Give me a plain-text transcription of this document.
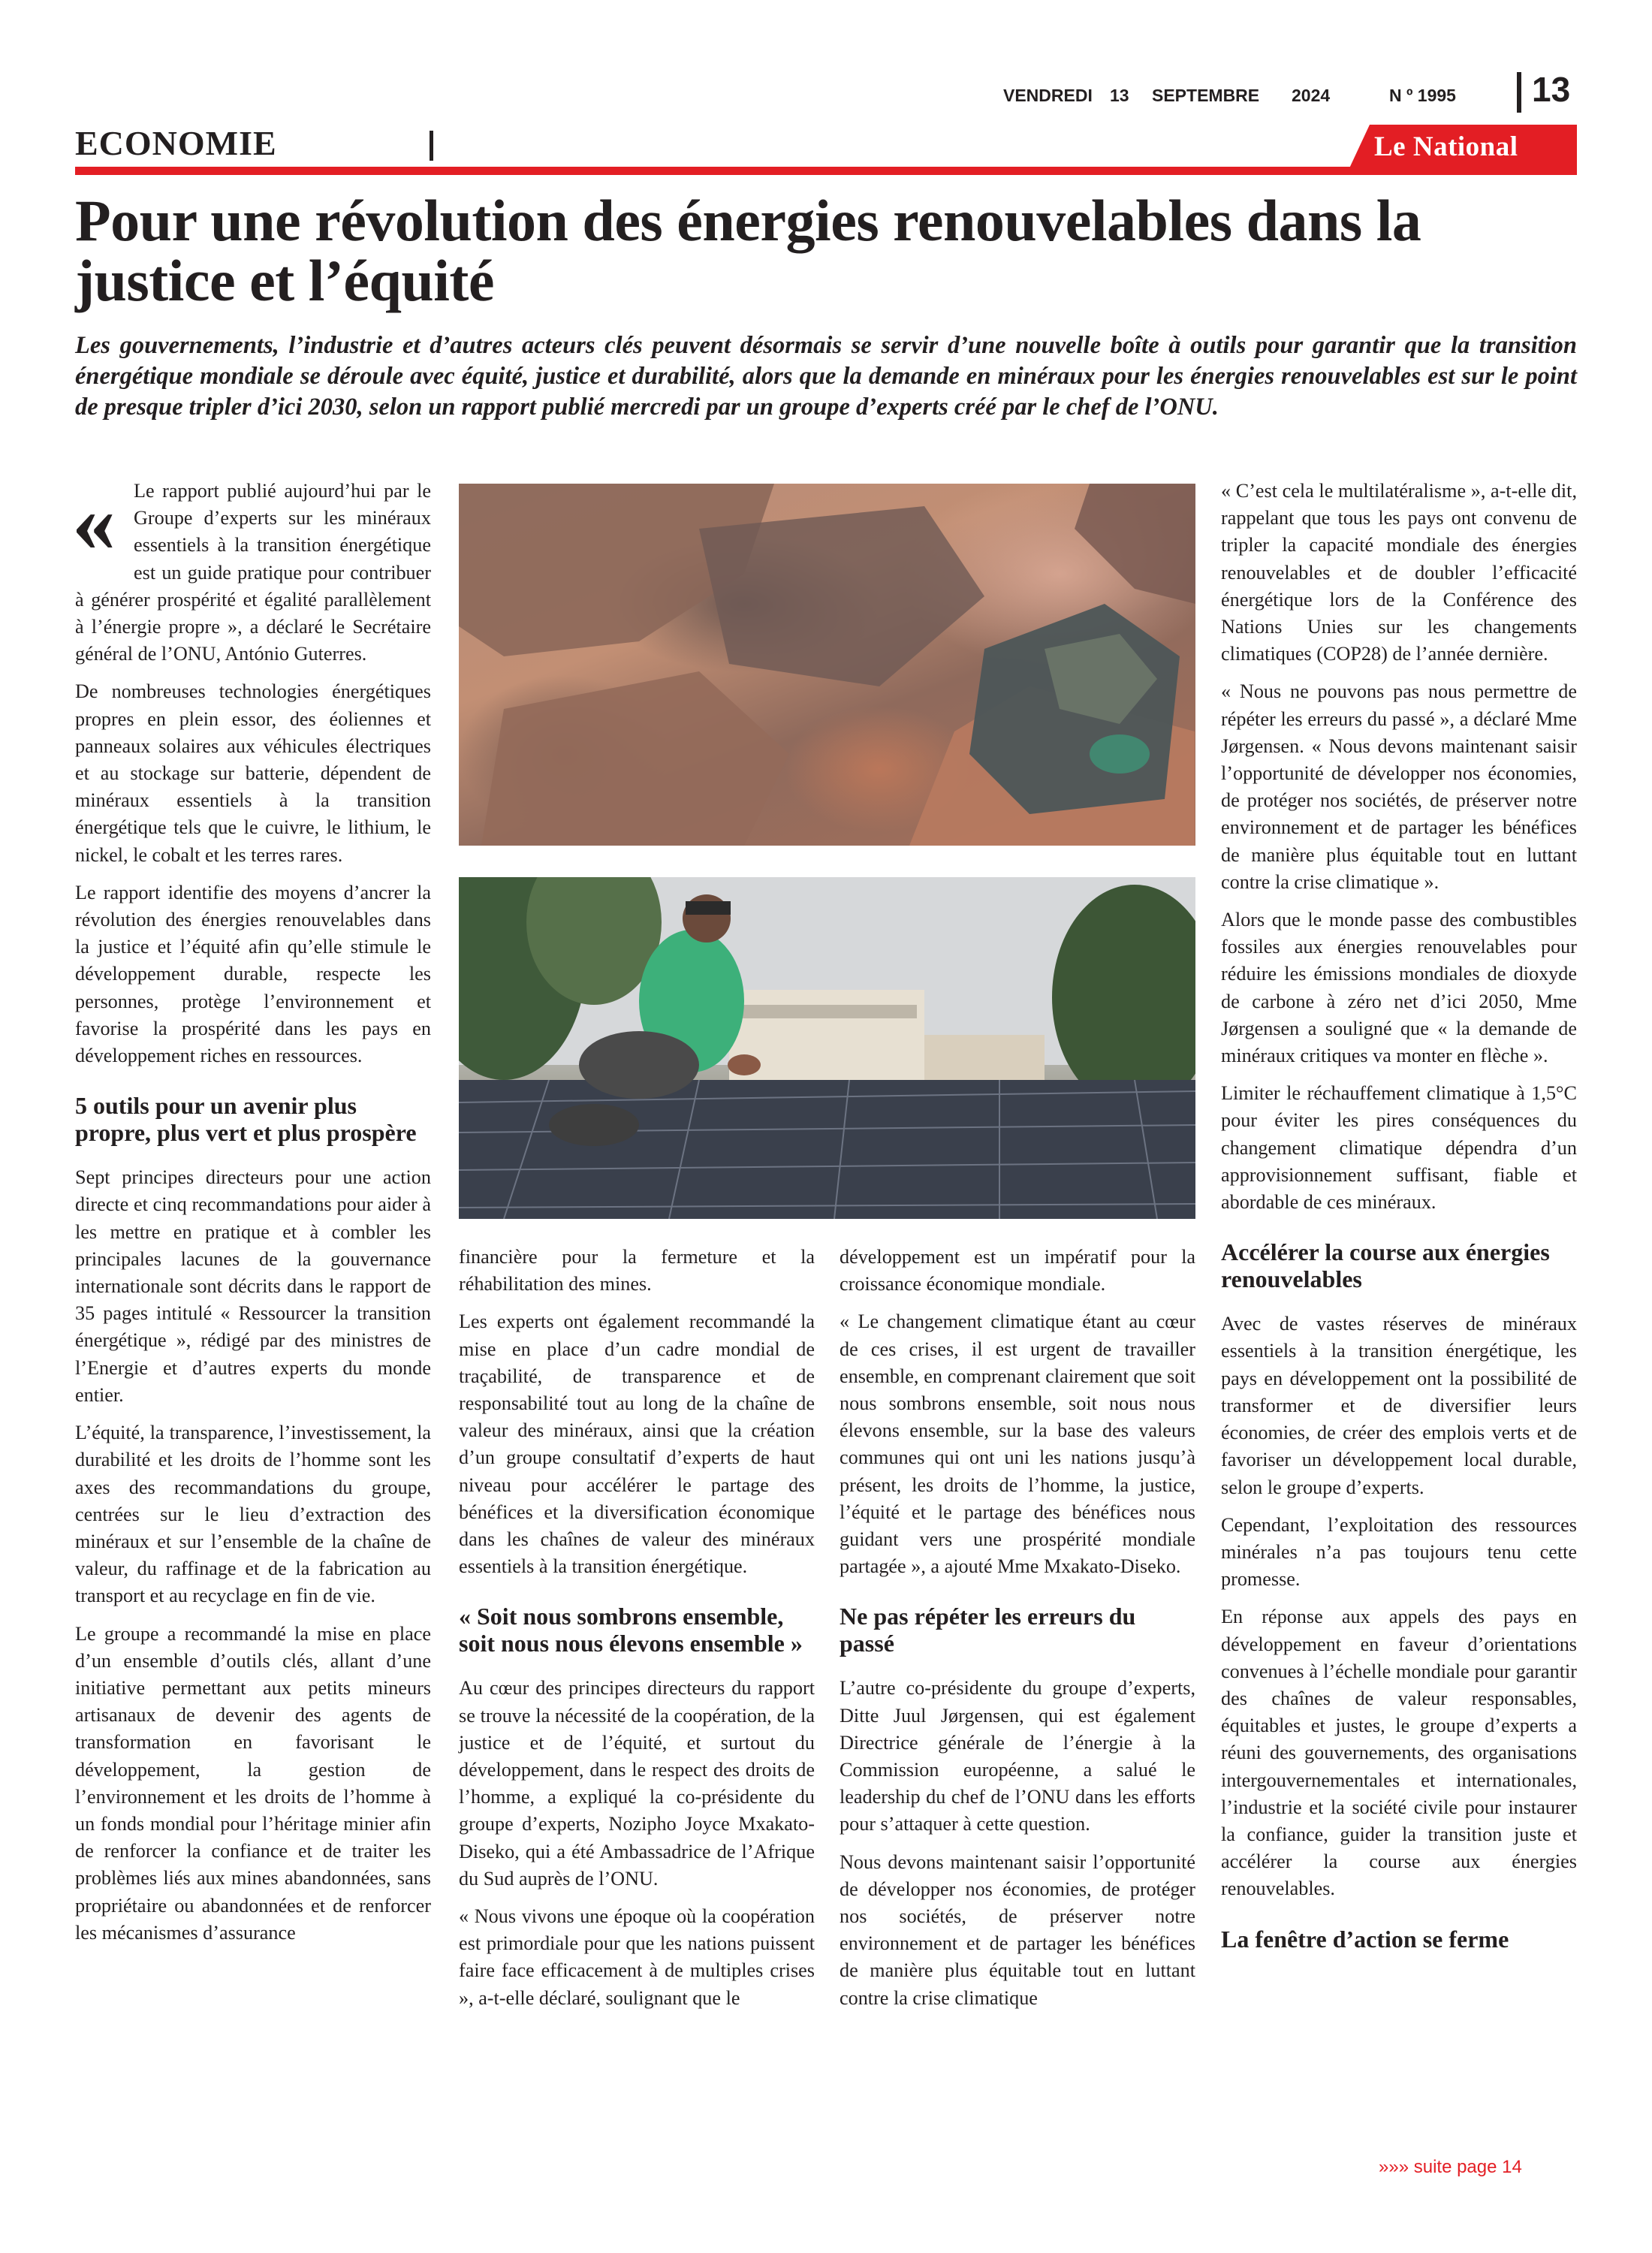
VENDREDI 13 SEPTEMBRE 2024	N º 1995 13
ECONOMIE	Le National
Pour une révolution des énergies renouvelables dans la justice et l’équité
Les gouvernements, l’industrie et d’autres acteurs clés peuvent désormais se servir d’une nouvelle boîte à outils pour garantir que la transition énergétique mondiale se déroule avec équité, justice et durabilité, alors que la demande en minéraux pour les énergies renouvelables est sur le point de presque tripler d’ici 2030, selon un rapport publié mercredi par un groupe d’experts créé par le chef de l’ONU.

« Le rapport publié aujourd’hui par le Groupe d’experts sur les minéraux essentiels à la transition énergétique est un guide pratique pour contribuer à générer prospérité et égalité parallèlement à l’énergie propre », a déclaré le Secrétaire général de l’ONU, António Guterres.

De nombreuses technologies énergétiques propres en plein essor, des éoliennes et panneaux solaires aux véhicules électriques et au stockage sur batterie, dépendent de minéraux essentiels à la transition énergétique tels que le cuivre, le lithium, le nickel, le cobalt et les terres rares.

Le rapport identifie des moyens d’ancrer la révolution des énergies renouvelables dans la justice et l’équité afin qu’elle stimule le développement durable, respecte les personnes, protège l’environnement et favorise la prospérité dans les pays en développement riches en ressources.

5 outils pour un avenir plus propre, plus vert et plus prospère

Sept principes directeurs pour une action directe et cinq recommandations pour aider à les mettre en pratique et à combler les principales lacunes de la gouvernance internationale sont décrits dans le rapport de 35 pages intitulé « Ressourcer la transition énergétique », rédigé par des ministres de l’Energie et d’autres experts du monde entier.

L’équité, la transparence, l’investissement, la durabilité et les droits de l’homme sont les axes des recommandations du groupe, centrées sur le lieu d’extraction des minéraux et sur l’ensemble de la chaîne de valeur, du raffinage et de la fabrication au transport et au recyclage en fin de vie.

Le groupe a recommandé la mise en place d’un ensemble d’outils clés, allant d’une initiative permettant aux petits mineurs artisanaux de devenir des agents de transformation en favorisant le développement, la gestion de l’environnement et les droits de l’homme à un fonds mondial pour l’héritage minier afin de renforcer la confiance et de traiter les problèmes liés aux mines abandonnées, sans propriétaire ou abandonnées et de renforcer les mécanismes d’assurance

financière pour la fermeture et la réhabilitation des mines.

Les experts ont également recommandé la mise en place d’un cadre mondial de traçabilité, de transparence et de responsabilité tout au long de la chaîne de valeur des minéraux, ainsi que la création d’un groupe consultatif d’experts de haut niveau pour accélérer le partage des bénéfices et la diversification économique dans les chaînes de valeur des minéraux essentiels à la transition énergétique.

« Soit nous sombrons ensemble, soit nous nous élevons ensemble »

Au cœur des principes directeurs du rapport se trouve la nécessité de la coopération, de la justice et de l’équité, et surtout du développement, dans le respect des droits de l’homme, a expliqué la co-présidente du groupe d’experts, Nozipho Joyce Mxakato-Diseko, qui a été Ambassadrice de l’Afrique du Sud auprès de l’ONU.

« Nous vivons une époque où la coopération est primordiale pour que les nations puissent faire face efficacement à de multiples crises », a-t-elle déclaré, soulignant que le

développement est un impératif pour la croissance économique mondiale.

« Le changement climatique étant au cœur de ces crises, il est urgent de travailler ensemble, en comprenant clairement que soit nous sombrons ensemble, soit nous nous élevons ensemble, sur la base des valeurs communes qui ont uni les nations jusqu’à présent, les droits de l’homme, la justice, l’équité et le partage des bénéfices nous guidant vers une prospérité mondiale partagée », a ajouté Mme Mxakato-Diseko.

Ne pas répéter les erreurs du passé

L’autre co-présidente du groupe d’experts, Ditte Juul Jørgensen, qui est également Directrice générale de l’énergie à la Commission européenne, a salué le leadership du chef de l’ONU dans les efforts pour s’attaquer à cette question.

Nous devons maintenant saisir l’opportunité de développer nos économies, de protéger nos sociétés, de préserver notre environnement et de partager les bénéfices de manière plus équitable tout en luttant contre la crise climatique

« C’est cela le multilatéralisme », a-t-elle dit, rappelant que tous les pays ont convenu de tripler la capacité mondiale des énergies renouvelables et de doubler l’efficacité énergétique lors de la Conférence des Nations Unies sur les changements climatiques (COP28) de l’année dernière.

« Nous ne pouvons pas nous permettre de répéter les erreurs du passé », a déclaré Mme Jørgensen. « Nous devons maintenant saisir l’opportunité de développer nos économies, de protéger nos sociétés, de préserver notre environnement et de partager les bénéfices de manière plus équitable tout en luttant contre la crise climatique ».

Alors que le monde passe des combustibles fossiles aux énergies renouvelables pour réduire les émissions mondiales de dioxyde de carbone à zéro net d’ici 2050, Mme Jørgensen a souligné que « la demande de minéraux critiques va monter en flèche ».

Limiter le réchauffement climatique à 1,5°C pour éviter les pires conséquences du changement climatique dépendra d’un approvisionnement suffisant, fiable et abordable de ces minéraux.

Accélérer la course aux énergies renouvelables

Avec de vastes réserves de minéraux essentiels à la transition énergétique, les pays en développement ont la possibilité de transformer et de diversifier leurs économies, de créer des emplois verts et de favoriser un développement local durable, selon le groupe d’experts.

Cependant, l’exploitation des ressources minérales n’a pas toujours tenu cette promesse.

En réponse aux appels des pays en développement en faveur d’orientations convenues à l’échelle mondiale pour garantir des chaînes de valeur responsables, équitables et justes, le groupe d’experts a réuni des gouvernements, des organisations intergouvernementales et internationales, l’industrie et la société civile pour instaurer la confiance, guider la transition juste et accélérer la course aux énergies renouvelables.

La fenêtre d’action se ferme
»»» suite page 14
